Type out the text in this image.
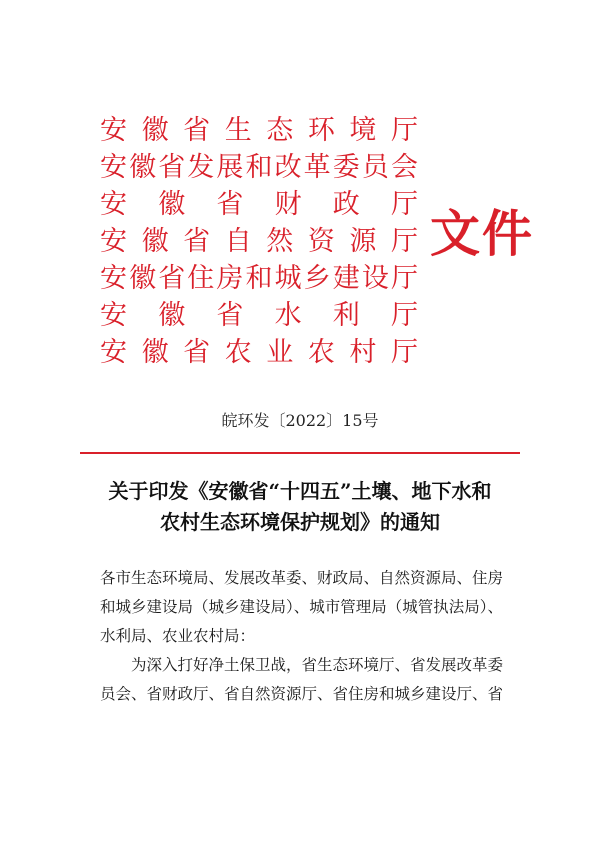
安 徽 省 生 态 环 境 厅
安 徽 省 发 展 和 改 革 委 员 会
安 徽 省 财 政 厅
安 徽 省 自 然 资 源 厅
安 徽 省 住 房 和 城 乡 建 设 厅
安 徽 省 水 利 厅
安 徽 省 农 业 农 村 厅
文件
皖环发〔2022〕15号
关于印发《安徽省“十四五”土壤、地下水和
农村生态环境保护规划》的通知

各市生态环境局、发展改革委、财政局、自然资源局、住房

和城乡建设局（城乡建设局）、城市管理局（城管执法局）、

水利局、农业农村局：

为深入打好净土保卫战，省生态环境厅、省发展改革委

员会、省财政厅、省自然资源厅、省住房和城乡建设厅、省
